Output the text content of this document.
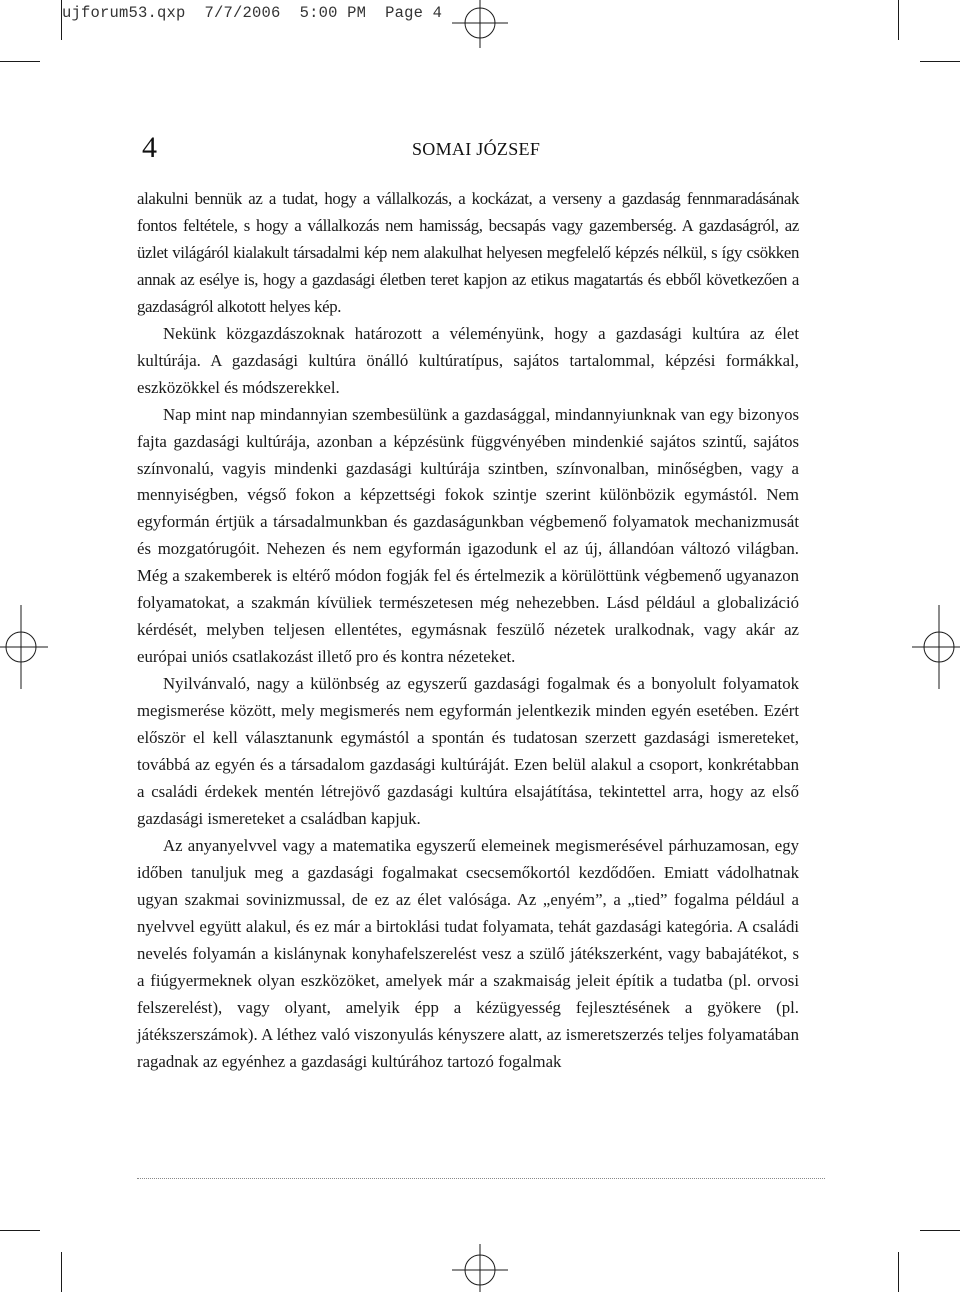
ujforum53.qxp 7/7/2006 5:00 PM Page 4
4	SOMAI JÓZSEF

alakulni bennük az a tudat, hogy a vállalkozás, a kockázat, a verseny a gazdaság fennmaradásának fontos feltétele, s hogy a vállalkozás nem hamisság, becsapás vagy gazemberség. A gazdaságról, az üzlet világáról kialakult társadalmi kép nem alakulhat helyesen megfelelő képzés nélkül, s így csökken annak az esélye is, hogy a gazdasági életben teret kapjon az etikus magatartás és ebből következően a gazdaságról alkotott helyes kép.

Nekünk közgazdászoknak határozott a véleményünk, hogy a gazdasági kultúra az élet kultúrája. A gazdasági kultúra önálló kultúratípus, sajátos tartalommal, képzési formákkal, eszközökkel és módszerekkel.

Nap mint nap mindannyian szembesülünk a gazdasággal, mindannyiunknak van egy bizonyos fajta gazdasági kultúrája, azonban a képzésünk függvényében mindenkié sajátos szintű, sajátos színvonalú, vagyis mindenki gazdasági kultúrája szintben, színvonalban, minőségben, vagy a mennyiségben, végső fokon a képzettségi fokok szintje szerint különbözik egymástól. Nem egyformán értjük a társadalmunkban és gazdaságunkban végbemenő folyamatok mechanizmusát és mozgatórugóit. Nehezen és nem egyformán igazodunk el az új, állandóan változó világban. Még a szakemberek is eltérő módon fogják fel és értelmezik a körülöttünk végbemenő ugyanazon folyamatokat, a szakmán kívüliek természetesen még nehezebben. Lásd például a globalizáció kérdését, melyben teljesen ellentétes, egymásnak feszülő nézetek uralkodnak, vagy akár az európai uniós csatlakozást illető pro és kontra nézeteket.

Nyilvánvaló, nagy a különbség az egyszerű gazdasági fogalmak és a bonyolult folyamatok megismerése között, mely megismerés nem egyformán jelentkezik minden egyén esetében. Ezért először el kell választanunk egymástól a spontán és tudatosan szerzett gazdasági ismereteket, továbbá az egyén és a társadalom gazdasági kultúráját. Ezen belül alakul a csoport, konkrétabban a családi érdekek mentén létrejövő gazdasági kultúra elsajátítása, tekintettel arra, hogy az első gazdasági ismereteket a családban kapjuk.

Az anyanyelvvel vagy a matematika egyszerű elemeinek megismerésével párhuzamosan, egy időben tanuljuk meg a gazdasági fogalmakat csecsemőkortól kezdődően. Emiatt vádolhatnak ugyan szakmai sovinizmussal, de ez az élet valósága. Az „enyém”, a „tied” fogalma például a nyelvvel együtt alakul, és ez már a birtoklási tudat folyamata, tehát gazdasági kategória. A családi nevelés folyamán a kislánynak konyhafelszerelést vesz a szülő játékszerként, vagy babajátékot, s a fiúgyermeknek olyan eszközöket, amelyek már a szakmaiság jeleit építik a tudatba (pl. orvosi felszerelést), vagy olyant, amelyik épp a kézügyesség fejlesztésének a gyökere (pl. játékszerszámok). A léthez való viszonyulás kényszere alatt, az ismeretszerzés teljes folyamatában ragadnak az egyénhez a gazdasági kultúrához tartozó fogalmak
